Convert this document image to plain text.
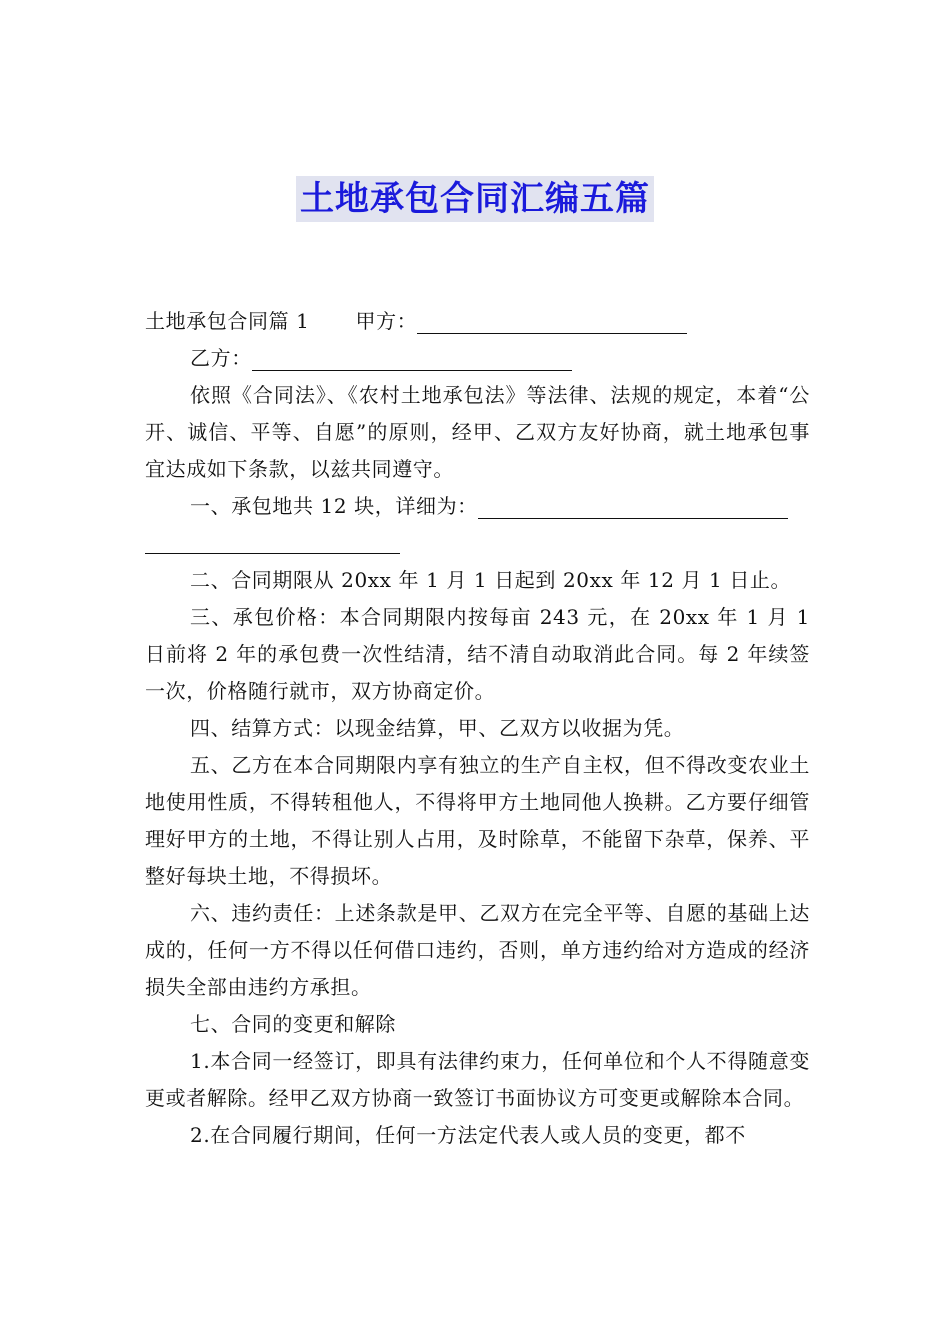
土地承包合同汇编五篇

土地承包合同篇 1 甲方：

乙方：

依照《合同法》、《农村土地承包法》等法律、法规的规定，本着“公开、诚信、平等、自愿”的原则，经甲、乙双方友好协商，就土地承包事宜达成如下条款，以兹共同遵守。

一、承包地共 12 块，详细为：

二、合同期限从 20xx 年 1 月 1 日起到 20xx 年 12 月 1 日止。

三、承包价格：本合同期限内按每亩 243 元，在 20xx 年 1 月 1 日前将 2 年的承包费一次性结清，结不清自动取消此合同。每 2 年续签一次，价格随行就市，双方协商定价。

四、结算方式：以现金结算，甲、乙双方以收据为凭。

五、乙方在本合同期限内享有独立的生产自主权，但不得改变农业土地使用性质，不得转租他人，不得将甲方土地同他人换耕。乙方要仔细管理好甲方的土地，不得让别人占用，及时除草，不能留下杂草，保养、平整好每块土地，不得损坏。

六、违约责任：上述条款是甲、乙双方在完全平等、自愿的基础上达成的，任何一方不得以任何借口违约，否则，单方违约给对方造成的经济损失全部由违约方承担。

七、合同的变更和解除

1.本合同一经签订，即具有法律约束力，任何单位和个人不得随意变更或者解除。经甲乙双方协商一致签订书面协议方可变更或解除本合同。

2.在合同履行期间，任何一方法定代表人或人员的变更，都不
